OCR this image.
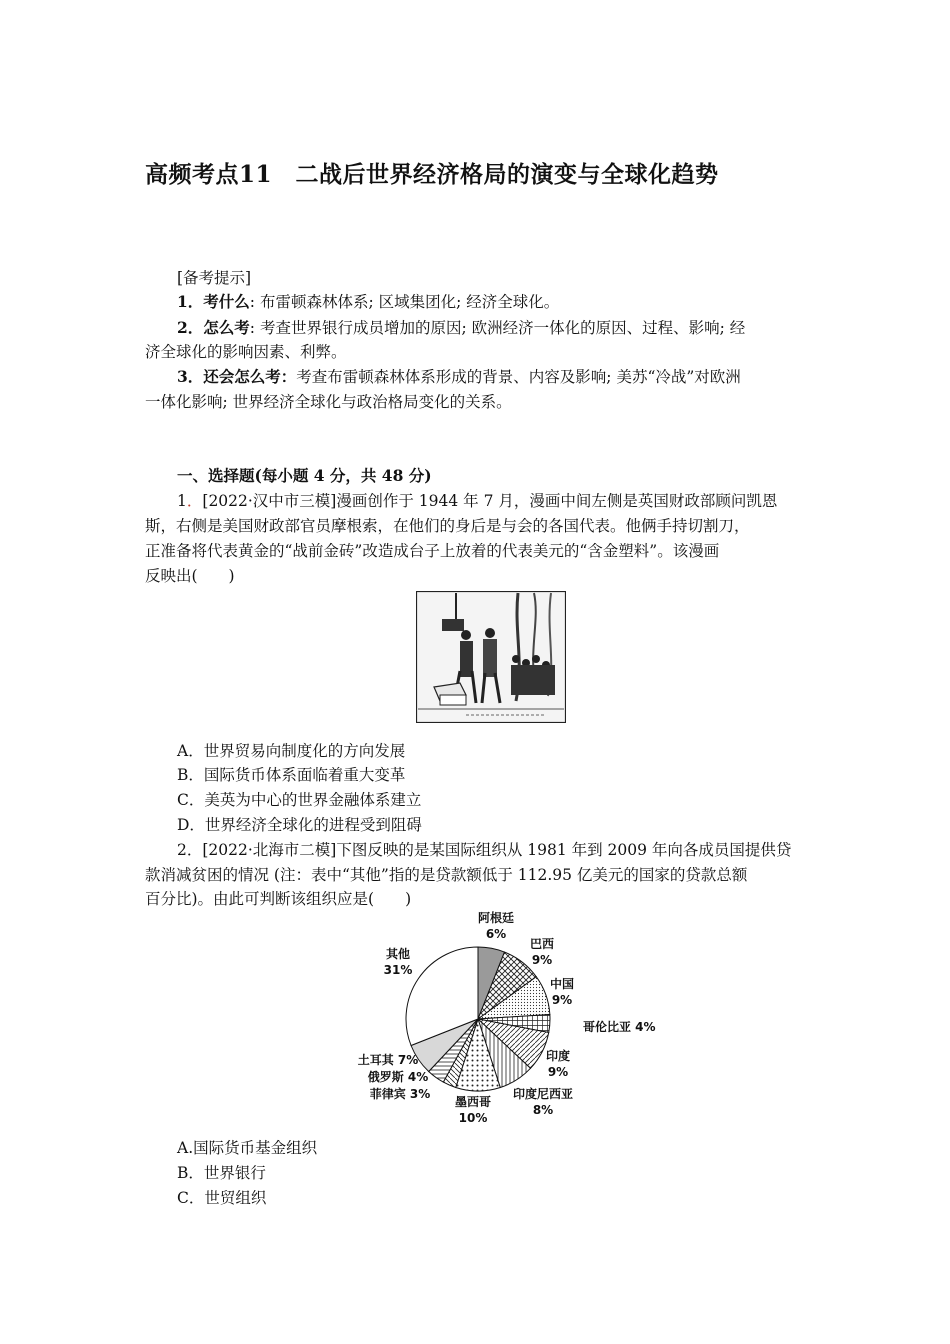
高频考点11　二战后世界经济格局的演变与全球化趋势
[备考提示]
1．考什么: 布雷顿森林体系; 区域集团化; 经济全球化。
2．怎么考: 考查世界银行成员增加的原因; 欧洲经济一体化的原因、过程、影响; 经
济全球化的影响因素、利弊。
3．还会怎么考：考查布雷顿森林体系形成的背景、内容及影响; 美苏“冷战”对欧洲
一体化影响; 世界经济全球化与政治格局变化的关系。
一、选择题(每小题 4 分，共 48 分)
1．[2022·汉中市三模]漫画创作于 1944 年 7 月，漫画中间左侧是英国财政部顾问凯恩
斯，右侧是美国财政部官员摩根索，在他们的身后是与会的各国代表。他俩手持切割刀，
正准备将代表黄金的“战前金砖”改造成台子上放着的代表美元的“含金塑料”。该漫画
反映出(　　)
A．世界贸易向制度化的方向发展
B．国际货币体系面临着重大变革
C．美英为中心的世界金融体系建立
D．世界经济全球化的进程受到阻碍
2．[2022·北海市二模]下图反映的是某国际组织从 1981 年到 2009 年向各成员国提供贷
款消减贫困的情况 (注：表中“其他”指的是贷款额低于 112.95 亿美元的国家的贷款总额
百分比)。由此可判断该组织应是(　　)
阿根廷
6%
巴西
9%
中国
9%
哥伦比亚 4%
印度
9%
印度尼西亚
8%
墨西哥
10%
菲律宾 3%
俄罗斯 4%
土耳其 7%
其他
31%
A.国际货币基金组织
B．世界银行
C．世贸组织
